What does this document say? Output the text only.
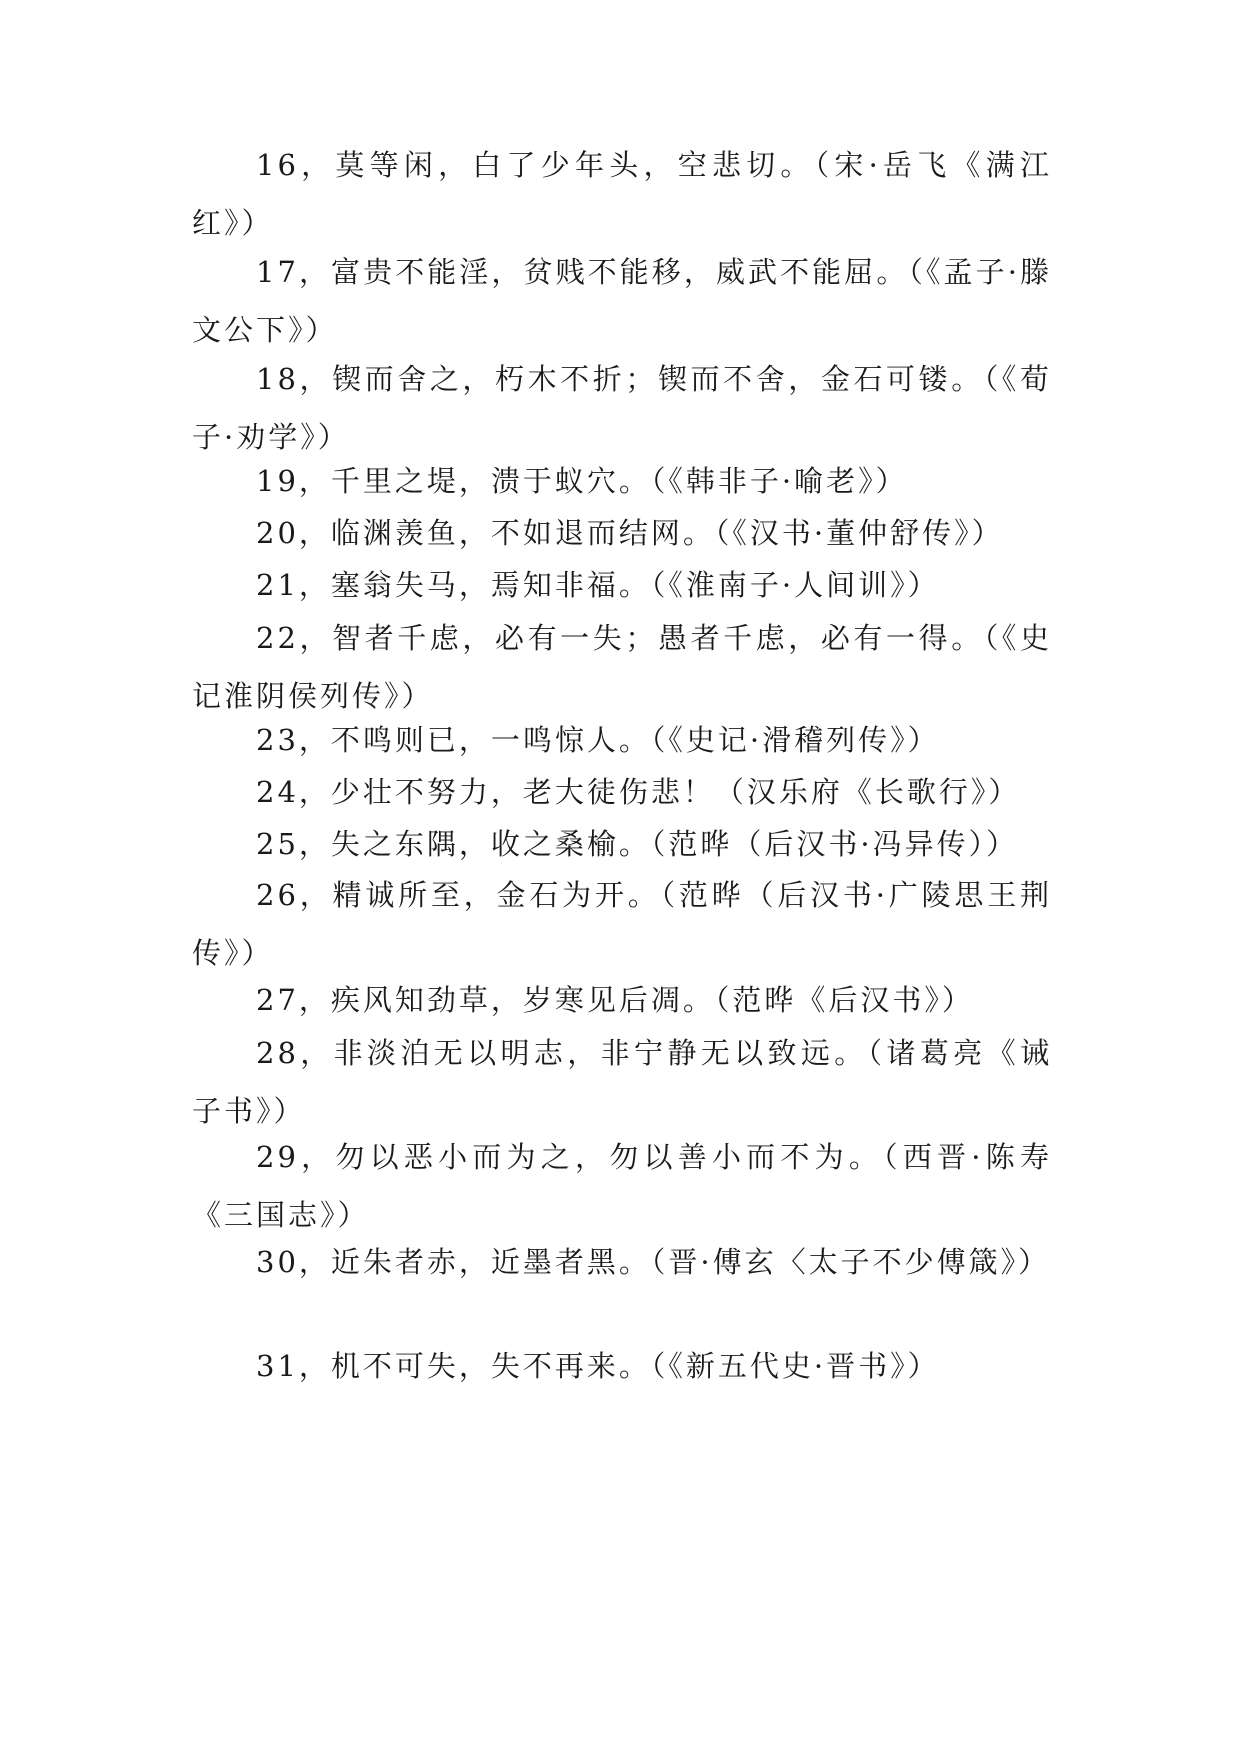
16，莫等闲，白了少年头，空悲切。（宋·岳飞《满江红》）

17，富贵不能淫，贫贱不能移，威武不能屈。（《孟子·滕文公下》）

18，锲而舍之，朽木不折；锲而不舍，金石可镂。（《荀子·劝学》）

19，千里之堤，溃于蚁穴。（《韩非子·喻老》）

20，临渊羡鱼，不如退而结网。（《汉书·董仲舒传》）

21，塞翁失马，焉知非福。（《淮南子·人间训》）

22，智者千虑，必有一失；愚者千虑，必有一得。（《史记淮阴侯列传》）

23，不鸣则已，一鸣惊人。（《史记·滑稽列传》）

24，少壮不努力，老大徒伤悲！（汉乐府《长歌行》）

25，失之东隅，收之桑榆。（范晔（后汉书·冯异传））

26，精诚所至，金石为开。（范晔（后汉书·广陵思王荆传》）

27，疾风知劲草，岁寒见后凋。（范晔《后汉书》）

28，非淡泊无以明志，非宁静无以致远。（诸葛亮《诫子书》）

29，勿以恶小而为之，勿以善小而不为。（西晋·陈寿《三国志》）

30，近朱者赤，近墨者黑。（晋·傅玄〈太子不少傅箴》）

31，机不可失，失不再来。（《新五代史·晋书》）
